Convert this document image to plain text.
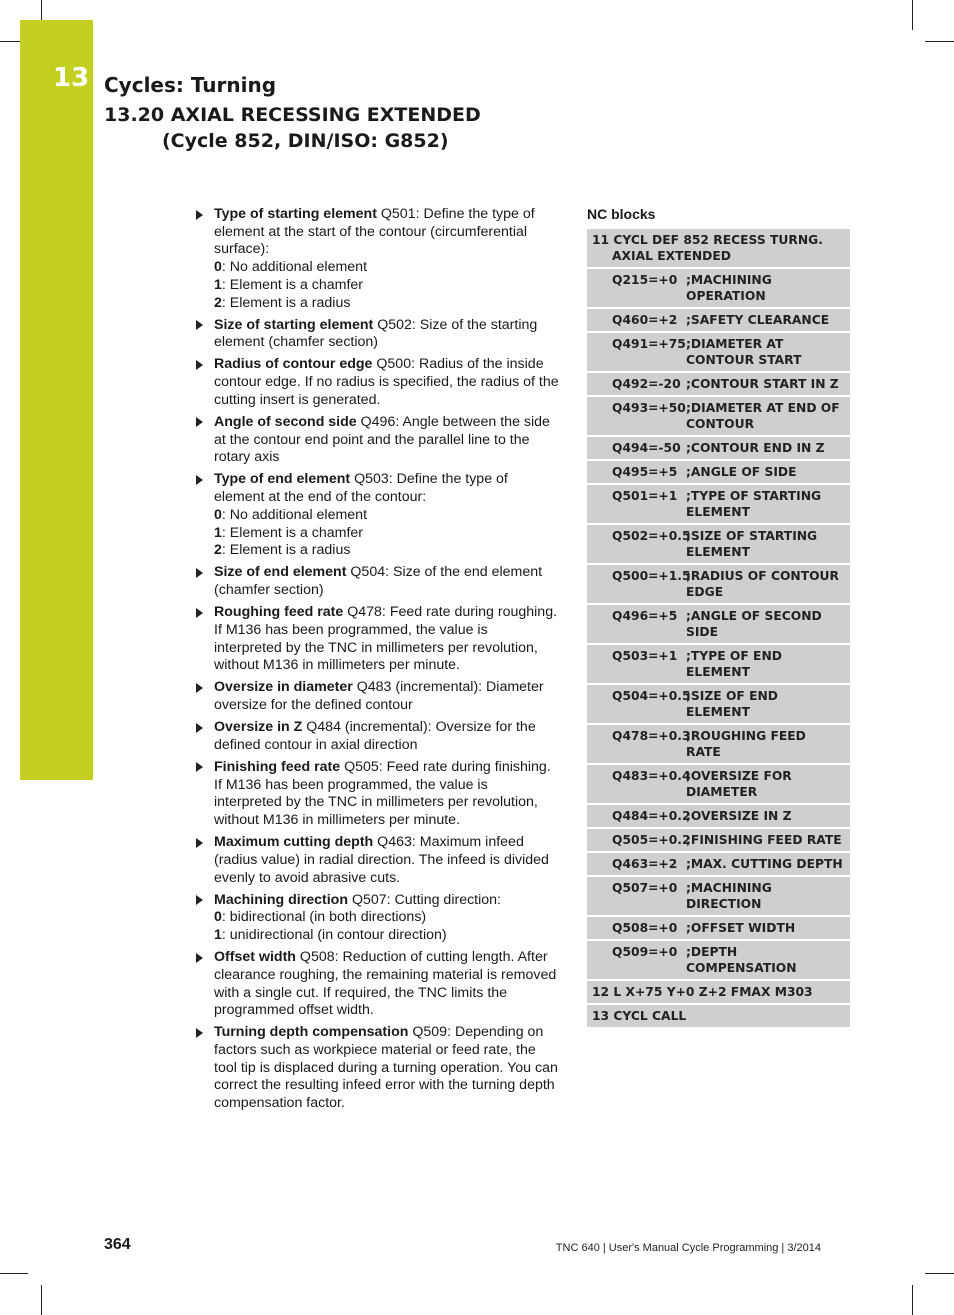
13 Cycles: Turning
13.20 AXIAL RECESSING EXTENDED
(Cycle 852, DIN/ISO: G852)
Type of starting element Q501: Define the type of element at the start of the contour (circumferential surface):
0: No additional element
1: Element is a chamfer
2: Element is a radius
Size of starting element Q502: Size of the starting element (chamfer section)
Radius of contour edge Q500: Radius of the inside contour edge. If no radius is specified, the radius of the cutting insert is generated.
Angle of second side Q496: Angle between the side at the contour end point and the parallel line to the rotary axis
Type of end element Q503: Define the type of element at the end of the contour:
0: No additional element
1: Element is a chamfer
2: Element is a radius
Size of end element Q504: Size of the end element (chamfer section)
Roughing feed rate Q478: Feed rate during roughing. If M136 has been programmed, the value is interpreted by the TNC in millimeters per revolution, without M136 in millimeters per minute.
Oversize in diameter Q483 (incremental): Diameter oversize for the defined contour
Oversize in Z Q484 (incremental): Oversize for the defined contour in axial direction
Finishing feed rate Q505: Feed rate during finishing. If M136 has been programmed, the value is interpreted by the TNC in millimeters per revolution, without M136 in millimeters per minute.
Maximum cutting depth Q463: Maximum infeed (radius value) in radial direction. The infeed is divided evenly to avoid abrasive cuts.
Machining direction Q507: Cutting direction:
0: bidirectional (in both directions)
1: unidirectional (in contour direction)
Offset width Q508: Reduction of cutting length. After clearance roughing, the remaining material is removed with a single cut. If required, the TNC limits the programmed offset width.
Turning depth compensation Q509: Depending on factors such as workpiece material or feed rate, the tool tip is displaced during a turning operation. You can correct the resulting infeed error with the turning depth compensation factor.
NC blocks
11 CYCL DEF 852 RECESS TURNG.
AXIAL EXTENDED
Q215=+0 ;MACHINING OPERATION
Q460=+2 ;SAFETY CLEARANCE
Q491=+75 ;DIAMETER AT CONTOUR START
Q492=-20 ;CONTOUR START IN Z
Q493=+50 ;DIAMETER AT END OF CONTOUR
Q494=-50 ;CONTOUR END IN Z
Q495=+5 ;ANGLE OF SIDE
Q501=+1 ;TYPE OF STARTING ELEMENT
Q502=+0.5
;SIZE OF STARTING ELEMENT
Q500=+1.5
;RADIUS OF CONTOUR EDGE
Q496=+5 ;ANGLE OF SECOND SIDE
Q503=+1 ;TYPE OF END ELEMENT
Q504=+0.5
;SIZE OF END ELEMENT
Q478=+0.3
;ROUGHING FEED RATE
Q483=+0.4
;OVERSIZE FOR DIAMETER
Q484=+0.2
;OVERSIZE IN Z
Q505=+0.2
;FINISHING FEED RATE
Q463=+2 ;MAX. CUTTING DEPTH
Q507=+0 ;MACHINING DIRECTION
Q508=+0 ;OFFSET WIDTH
Q509=+0 ;DEPTH COMPENSATION
12 L X+75 Y+0 Z+2 FMAX M303
13 CYCL CALL
364	TNC 640 | User's Manual Cycle Programming | 3/2014
